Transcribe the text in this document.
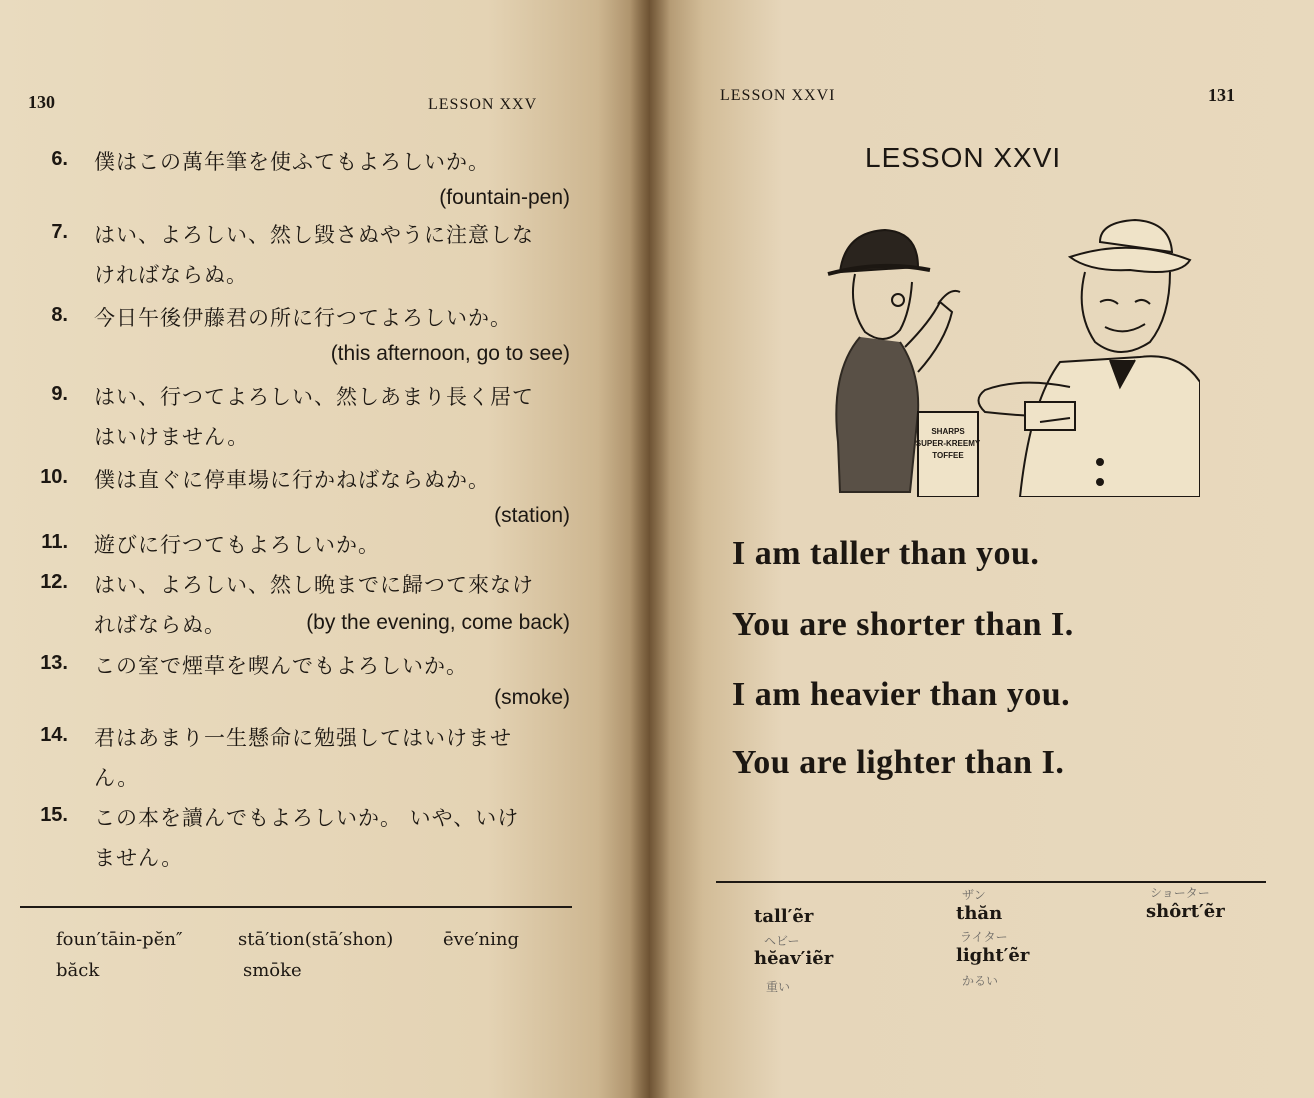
130	LESSON XXV
6. 僕はこの萬年筆を使ふてもよろしいか。
(fountain-pen)
7. はい、よろしい、然し毀さぬやうに注意しな
ければならぬ。
8. 今日午後伊藤君の所に行つてよろしいか。
(this afternoon, go to see)
9. はい、行つてよろしい、然しあまり長く居て
はいけません。
10. 僕は直ぐに停車場に行かねばならぬか。
(station)
11. 遊びに行つてもよろしいか。
12. はい、よろしい、然し晩までに歸つて來なけ
ればならぬ。	(by the evening, come back)
13. この室で煙草を喫んでもよろしいか。
(smoke)
14. 君はあまり一生懸命に勉强してはいけませ
ん。
15. この本を讀んでもよろしいか。 いや、いけ
ません。
foun′tāin-pĕn″	stā′tion(stā′shon)	ēve′ning
băck	smōke
LESSON XXVI	131
LESSON XXVI
SHARPS
SUPER-KREEMY
TOFFEE
I am taller than you.
You are shorter than I.
I am heavier than you.
You are lighter than I.
tall′ẽr	thăn	shôrt′ẽr
hĕav′iẽr	light′ẽr
ザン	ショーター
ヘビー	ライター
重い	かるい
